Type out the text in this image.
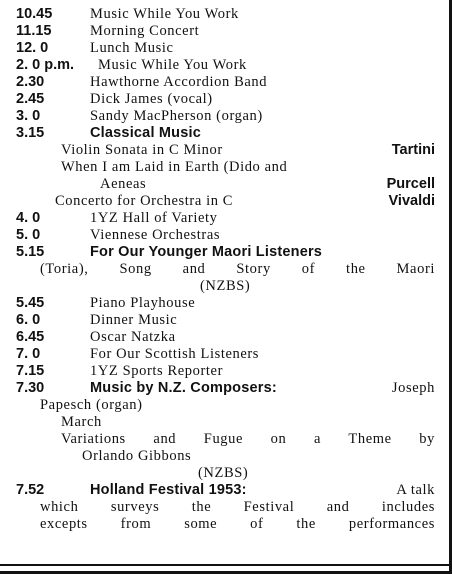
10.45	Music While You Work
11.15	Morning Concert
12. 0	Lunch Music
2. 0 p.m. Music While You Work
2.30	Hawthorne Accordion Band
2.45	Dick James (vocal)
3. 0	Sandy MacPherson (organ)
3.15	Classical Music
Violin Sonata in C Minor	Tartini
When I am Laid in Earth (Dido and
Aeneas	Purcell
Concerto for Orchestra in C	Vivaldi
4. 0	1YZ Hall of Variety
5. 0	Viennese Orchestras
5.15	For Our Younger Maori Listeners
(Toria), Song and Story of the Maori
(NZBS)
5.45	Piano Playhouse
6. 0	Dinner Music
6.45	Oscar Natzka
7. 0	For Our Scottish Listeners
7.15	1YZ Sports Reporter
7.30	Music by N.Z. Composers:	Joseph
Papesch (organ)
March
Variations and Fugue on a Theme by
Orlando Gibbons
(NZBS)
7.52	Holland Festival 1953:	A talk
which surveys the Festival and includes
excepts from some of the performances
